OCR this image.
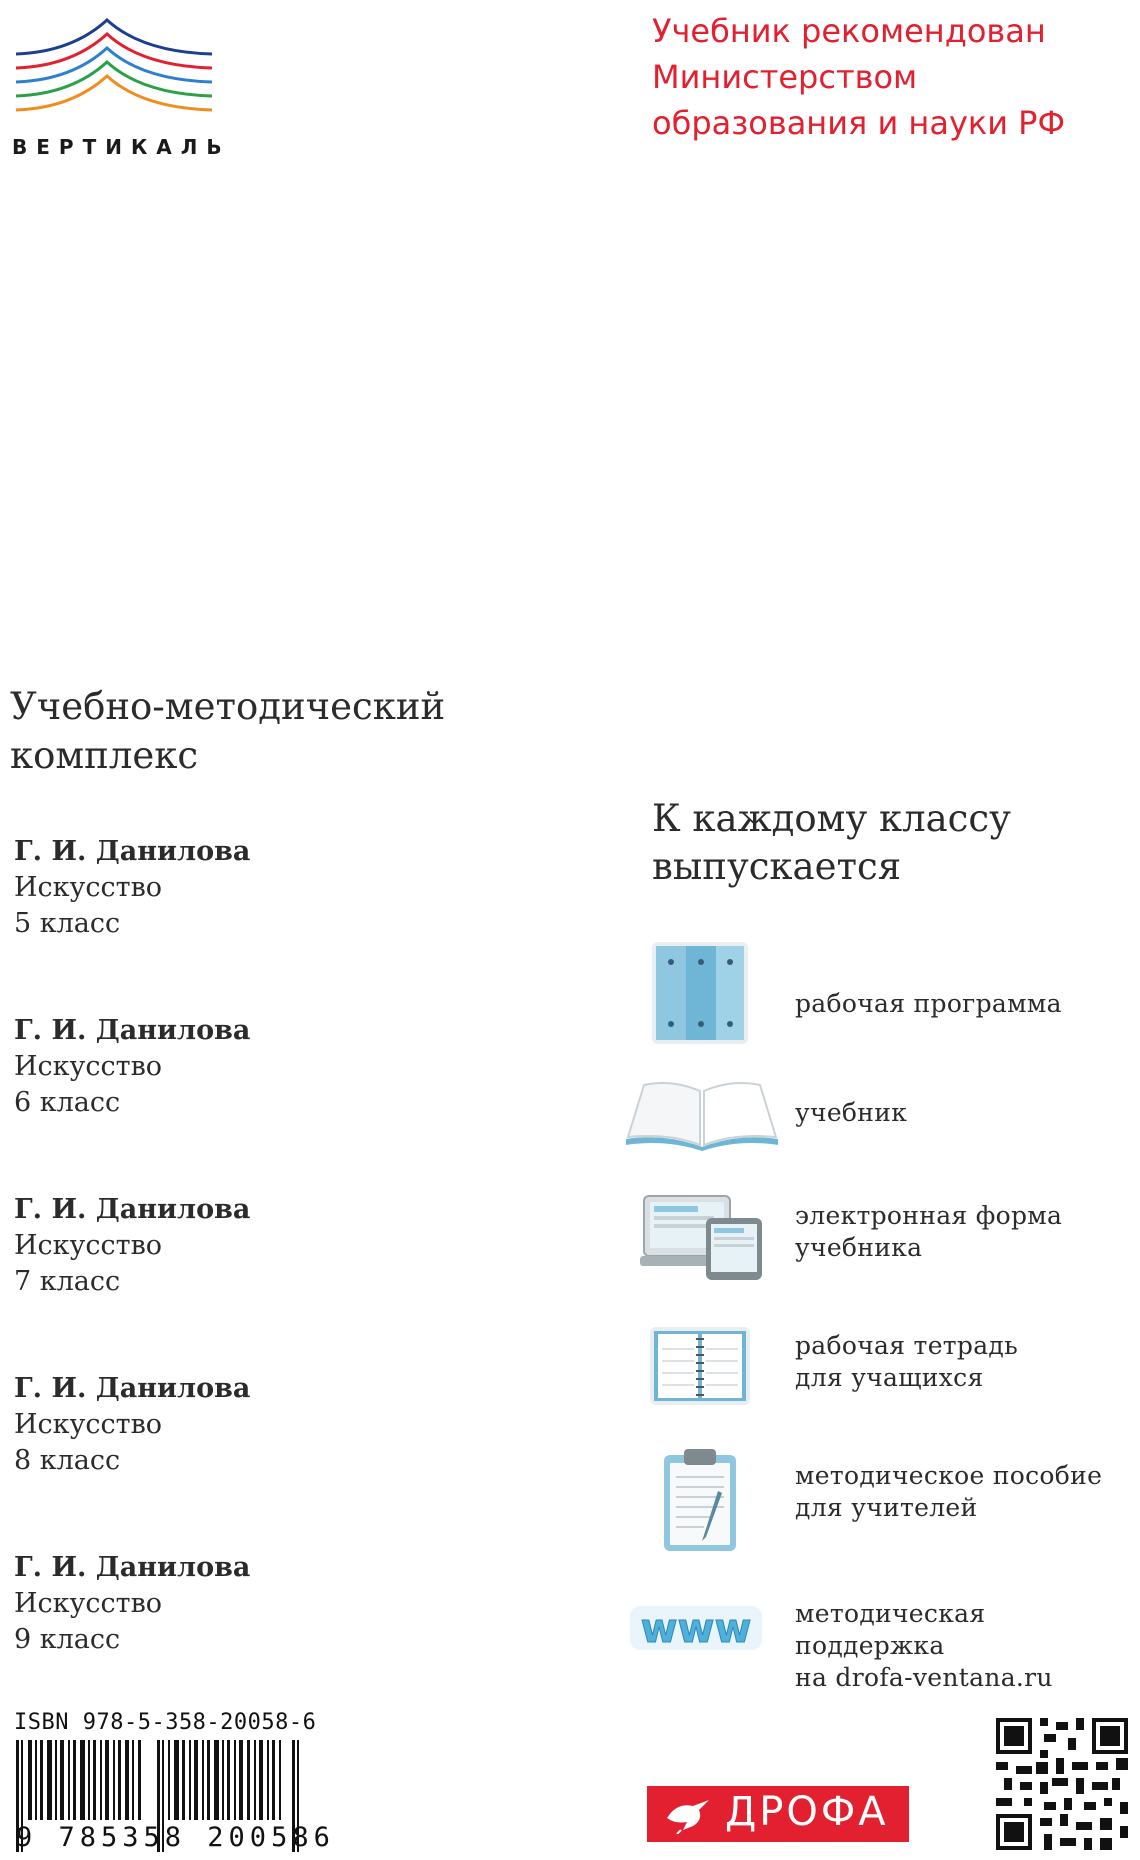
ВЕРТИКАЛЬ
Учебник рекомендован
Министерством
образования и науки РФ
Учебно-методический
комплекс
Г. И. Данилова
Искусство
5 класс
Г. И. Данилова
Искусство
6 класс
Г. И. Данилова
Искусство
7 класс
Г. И. Данилова
Искусство
8 класс
Г. И. Данилова
Искусство
9 класс
К каждому классу
выпускается
www
рабочая программа
учебник
электронная форма
учебника
рабочая тетрадь
для учащихся
методическое пособие
для учителей
методическая поддержка
на drofa-ventana.ru
ISBN 978-5-358-20058-6
9 785358 200586
ДРОФА
